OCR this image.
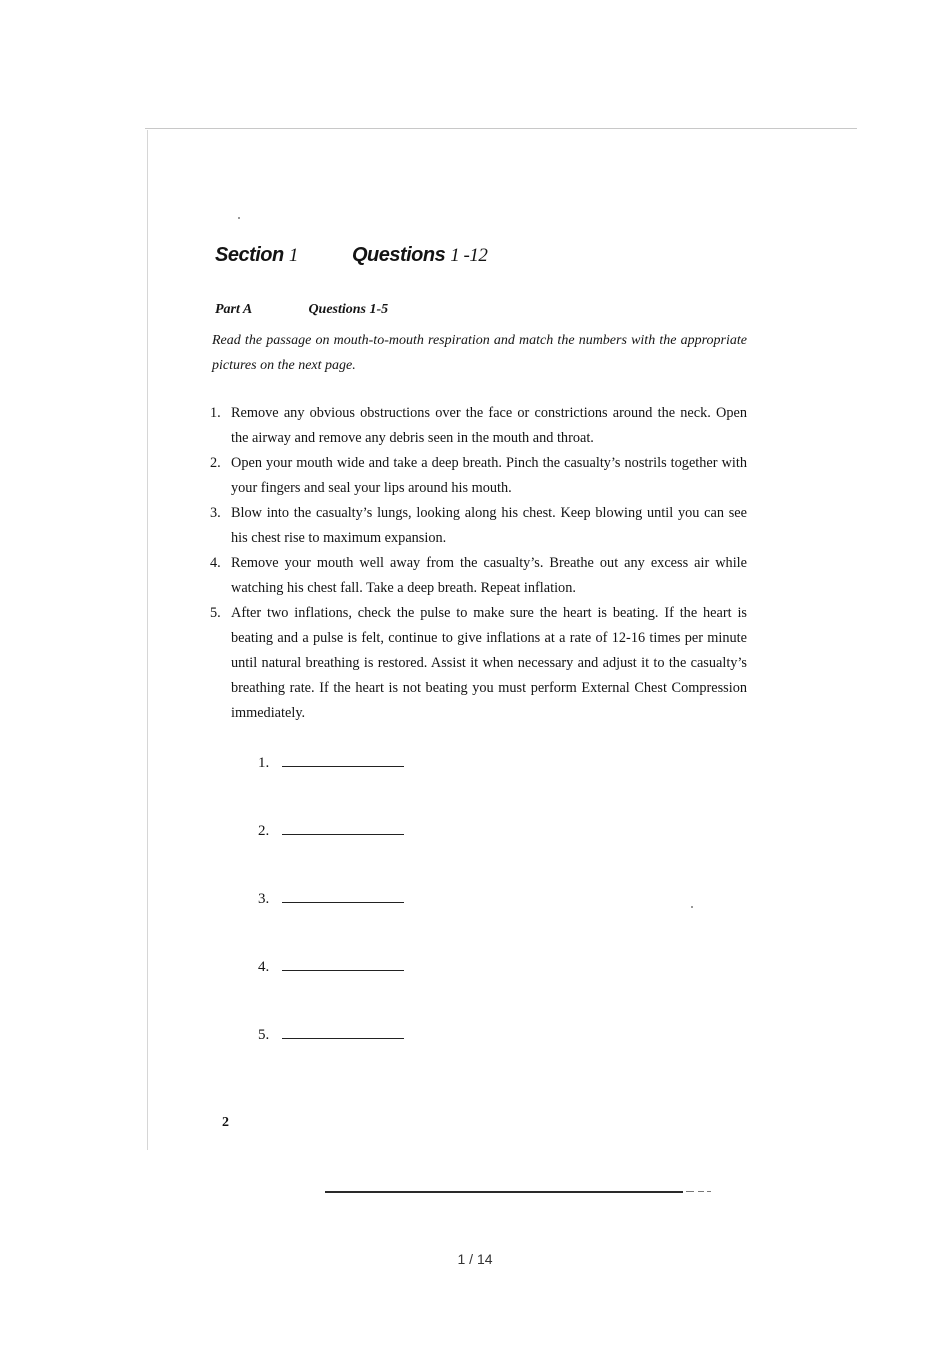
Section 1	Questions 1 -12
Part A	Questions 1-5
Read the passage on mouth-to-mouth respiration and match the numbers with the appropriate pictures on the next page.
1. Remove any obvious obstructions over the face or constrictions around the neck. Open the airway and remove any debris seen in the mouth and throat.
2. Open your mouth wide and take a deep breath. Pinch the casualty’s nostrils together with your fingers and seal your lips around his mouth.
3. Blow into the casualty’s lungs, looking along his chest. Keep blowing until you can see his chest rise to maximum expansion.
4. Remove your mouth well away from the casualty’s. Breathe out any excess air while watching his chest fall. Take a deep breath. Repeat inflation.
5. After two inflations, check the pulse to make sure the heart is beating. If the heart is beating and a pulse is felt, continue to give inflations at a rate of 12-16 times per minute until natural breathing is restored. Assist it when necessary and adjust it to the casualty’s breathing rate. If the heart is not beating you must perform External Chest Compression immediately.
1.
2.
3.
4.
5.
2
1 / 14
